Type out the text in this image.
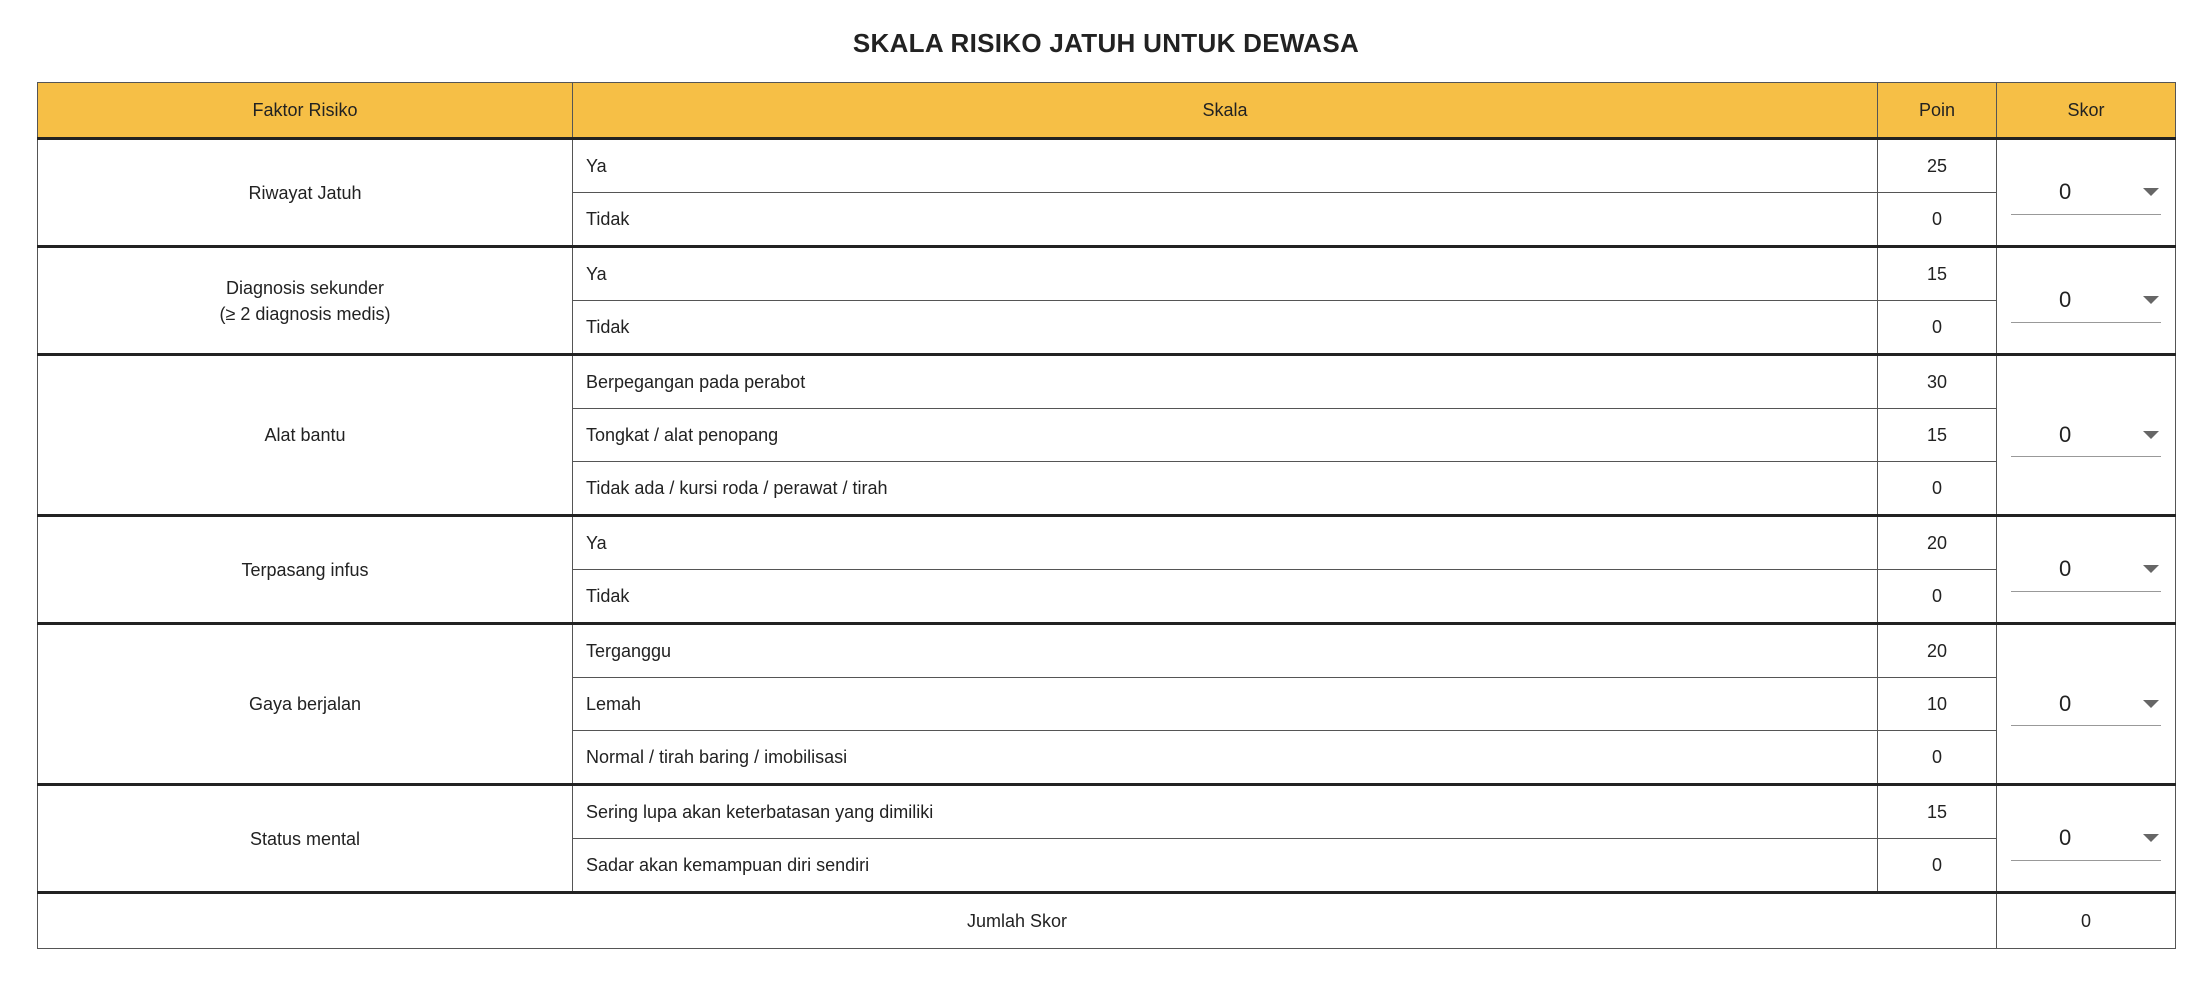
SKALA RISIKO JATUH UNTUK DEWASA
Faktor Risiko	Skala	Poin	Skor
Riwayat Jatuh	Ya	25	0

	Tidak	0	
Diagnosis sekunder
(≥ 2 diagnosis medis)	Ya	15	0

	Tidak	0	
Alat bantu	Berpegangan pada perabot	30	0

	Tongkat / alat penopang	15	
	Tidak ada / kursi roda / perawat / tirah	0	
Terpasang infus	Ya	20	0

	Tidak	0	
Gaya berjalan	Terganggu	20	0

	Lemah	10	
	Normal / tirah baring / imobilisasi	0	
Status mental	Sering lupa akan keterbatasan yang dimiliki	15	0

	Sadar akan kemampuan diri sendiri	0	
Jumlah Skor			0
